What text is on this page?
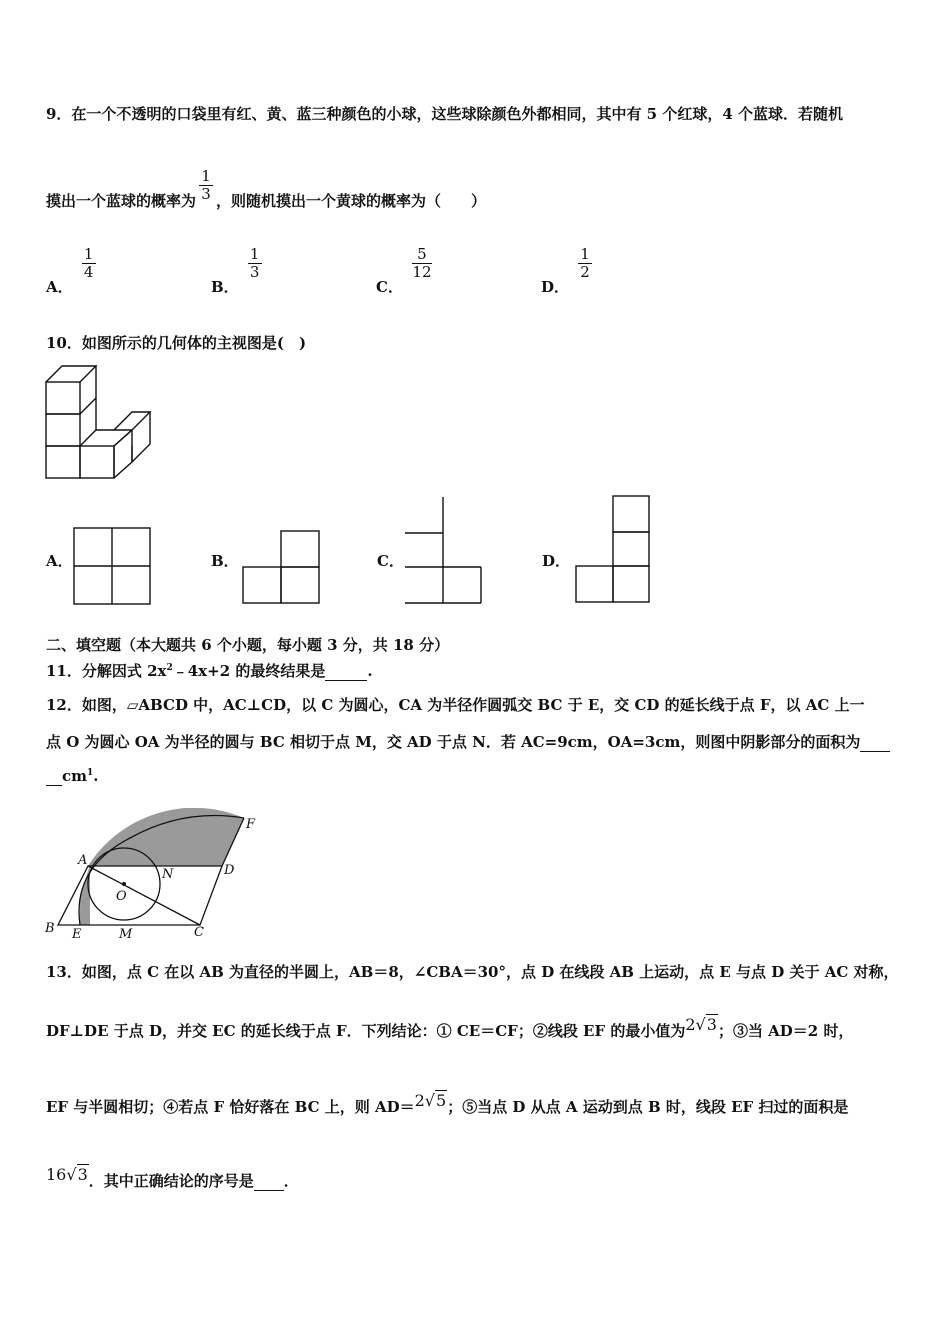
9．在一个不透明的口袋里有红、黄、蓝三种颜色的小球，这些球除颜色外都相同，其中有 5 个红球，4 个蓝球．若随机
摸出一个蓝球的概率为 $\frac{1}{3}$ ，则随机摸出一个黄球的概率为（　　）
A．
$\frac{1}{4}$
B．
$\frac{1}{3}$
C．
$\frac{5}{12}$
D．
$\frac{1}{2}$
10．如图所示的几何体的主视图是(　)
A．	B．	C．	D．
二、填空题（本大题共 6 个小题，每小题 3 分，共 18 分）
11．分解因式 $2x^2﹣4x+2$ 的最终结果是	.
12．如图，▱ABCD 中，AC⊥CD，以 C 为圆心，CA 为半径作圆弧交 BC 于 E，交 CD 的延长线于点 F，以 AC 上一
点 O 为圆心 OA 为半径的圆与 BC 相切于点 M，交 AD 于点 N．若 AC=9cm，OA=3cm，则图中阴影部分的面积为
$cm^1$.
A
B	C
D
E
F
M
N
O
13．如图，点 C 在以 AB 为直径的半圆上，AB＝8，∠CBA＝30°，点 D 在线段 AB 上运动，点 E 与点 D 关于 AC 对称，
DF⊥DE 于点 D，并交 EC 的延长线于点 F．下列结论：① CE＝CF；②线段 EF 的最小值为2√3；③当 AD＝2 时，
EF 与半圆相切；④若点 F 恰好落在 BC 上，则 AD＝2√5；⑤当点 D 从点 A 运动到点 B 时，线段 EF 扫过的面积是
16√3．其中正确结论的序号是 ．
